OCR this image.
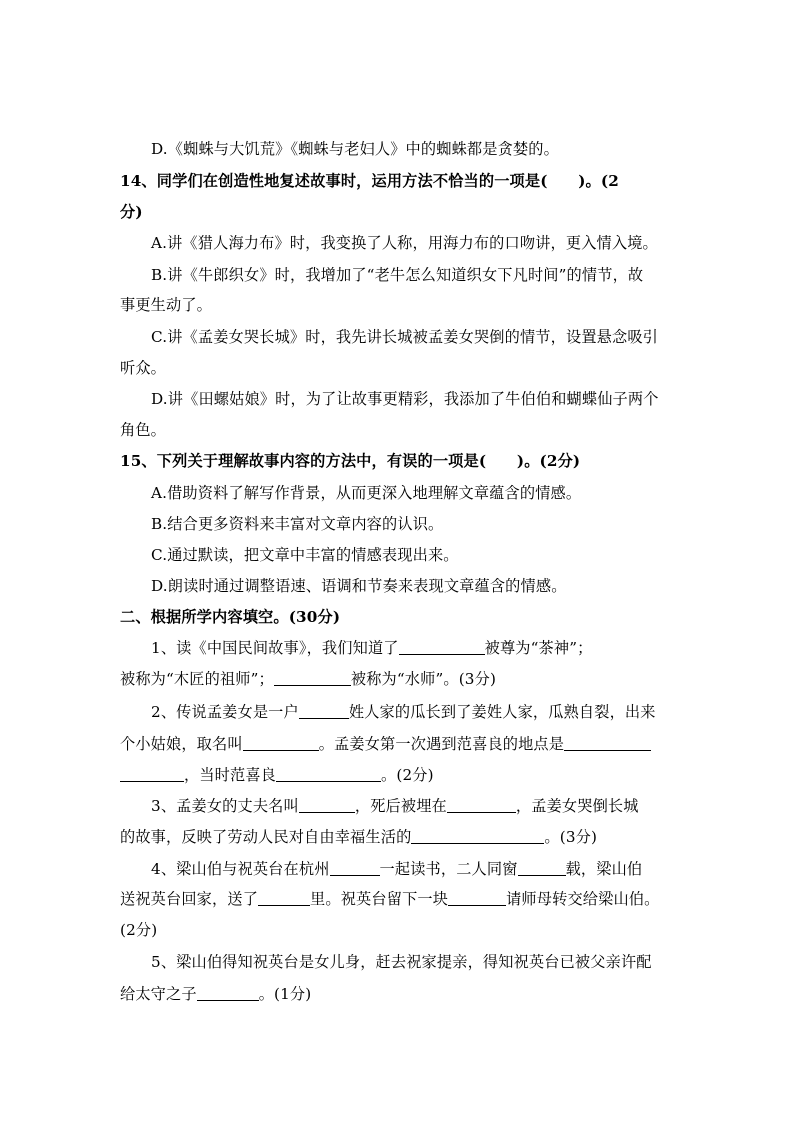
D.《蜘蛛与大饥荒》《蜘蛛与老妇人》中的蜘蛛都是贪婪的。
14、同学们在创造性地复述故事时，运用方法不恰当的一项是(　　)。(2
分)
A.讲《猎人海力布》时，我变换了人称，用海力布的口吻讲，更入情入境。
B.讲《牛郎织女》时，我增加了“老牛怎么知道织女下凡时间”的情节，故
事更生动了。
C.讲《孟姜女哭长城》时，我先讲长城被孟姜女哭倒的情节，设置悬念吸引
听众。
D.讲《田螺姑娘》时，为了让故事更精彩，我添加了牛伯伯和蝴蝶仙子两个
角色。
15、下列关于理解故事内容的方法中，有误的一项是(　　)。(2分)
A.借助资料了解写作背景，从而更深入地理解文章蕴含的情感。
B.结合更多资料来丰富对文章内容的认识。
C.通过默读，把文章中丰富的情感表现出来。
D.朗读时通过调整语速、语调和节奏来表现文章蕴含的情感。
二、根据所学内容填空。(30分)
1、读《中国民间故事》，我们知道了	被尊为“茶神”；
被称为“木匠的祖师”；	被称为“水师”。(3分)
2、传说孟姜女是一户	姓人家的瓜长到了姜姓人家，瓜熟自裂，出来
个小姑娘，取名叫	。孟姜女第一次遇到范喜良的地点是
，当时范喜良	。(2分)
3、孟姜女的丈夫名叫	，死后被埋在	，孟姜女哭倒长城
的故事，反映了劳动人民对自由幸福生活的	。(3分)
4、梁山伯与祝英台在杭州	一起读书，二人同窗	载，梁山伯
送祝英台回家，送了	里。祝英台留下一块	请师母转交给梁山伯。
(2分)
5、梁山伯得知祝英台是女儿身，赶去祝家提亲，得知祝英台已被父亲许配
给太守之子	。(1分)
